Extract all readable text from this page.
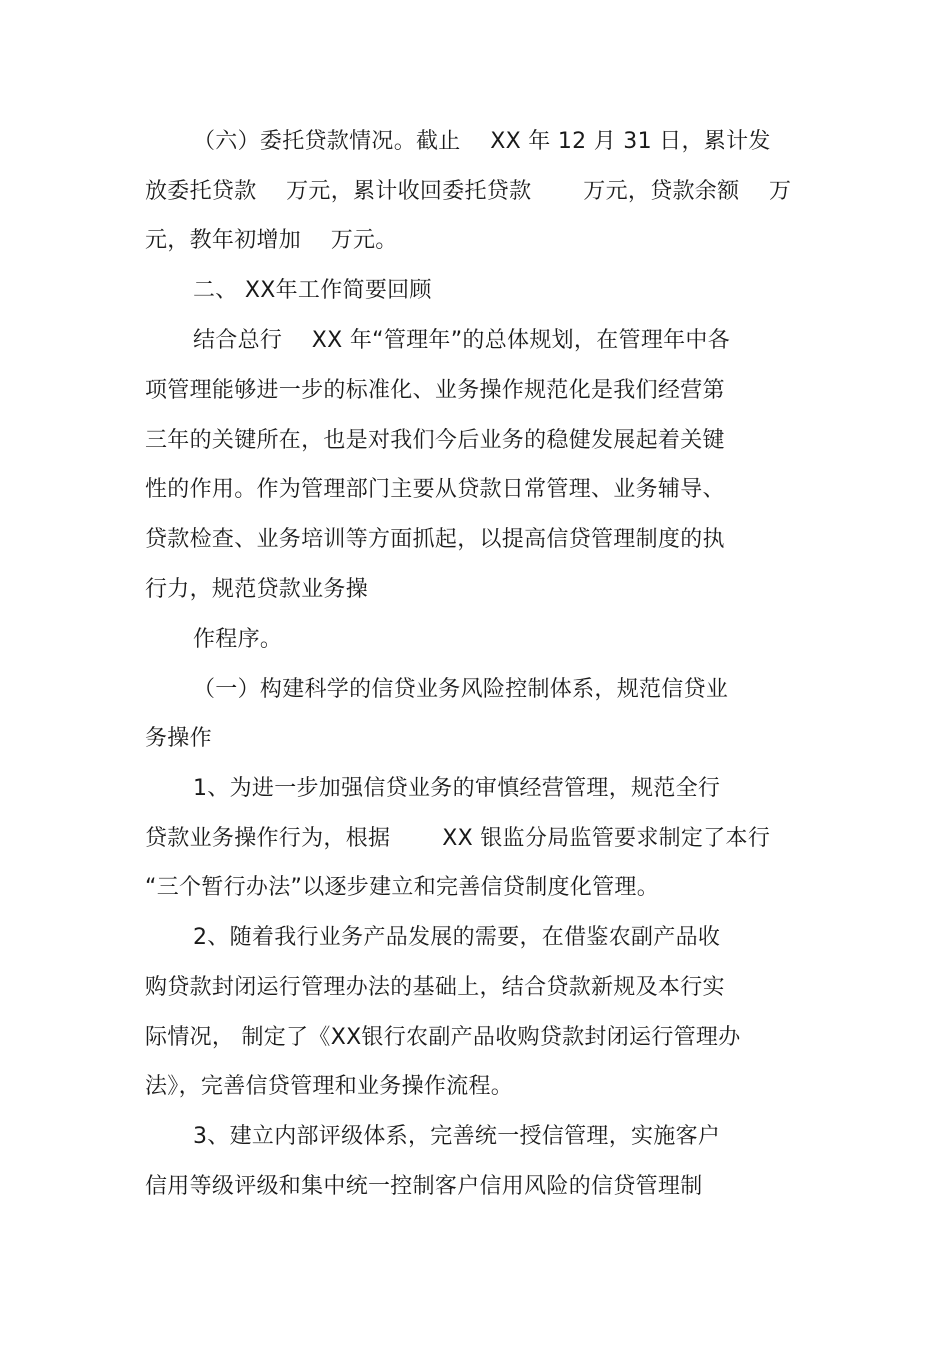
（六）委托贷款情况。截止 　XX 年 12 月 31 日，累计发
放委托贷款 　万元，累计收回委托贷款 　　万元，贷款余额 　万
元，教年初增加 　万元。
二、 XX年工作简要回顾
结合总行 　XX 年“管理年”的总体规划，在管理年中各
项管理能够进一步的标准化、业务操作规范化是我们经营第
三年的关键所在，也是对我们今后业务的稳健发展起着关键
性的作用。作为管理部门主要从贷款日常管理、业务辅导、
贷款检查、业务培训等方面抓起，以提高信贷管理制度的执
行力，规范贷款业务操
作程序。
（一）构建科学的信贷业务风险控制体系，规范信贷业
务操作
1、为进一步加强信贷业务的审慎经营管理，规范全行
贷款业务操作行为，根据 　　XX 银监分局监管要求制定了本行
“三个暂行办法”以逐步建立和完善信贷制度化管理。
2、随着我行业务产品发展的需要，在借鉴农副产品收
购贷款封闭运行管理办法的基础上，结合贷款新规及本行实
际情况， 制定了《XX银行农副产品收购贷款封闭运行管理办
法》，完善信贷管理和业务操作流程。
3、建立内部评级体系，完善统一授信管理，实施客户
信用等级评级和集中统一控制客户信用风险的信贷管理制
